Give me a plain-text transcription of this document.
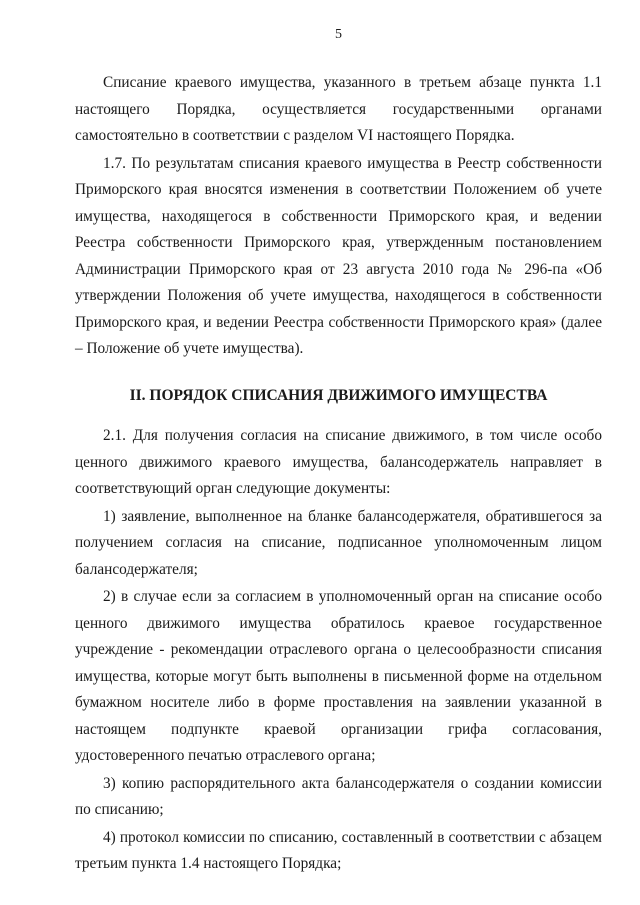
5

Списание краевого имущества, указанного в третьем абзаце пункта 1.1 настоящего Порядка, осуществляется государственными органами самостоятельно в соответствии с разделом VI настоящего Порядка.

1.7. По результатам списания краевого имущества в Реестр собственности Приморского края вносятся изменения в соответствии Положением об учете имущества, находящегося в собственности Приморского края, и ведении Реестра собственности Приморского края, утвержденным постановлением Администрации Приморского края от 23 августа 2010 года № 296-па «Об утверждении Положения об учете имущества, находящегося в собственности Приморского края, и ведении Реестра собственности Приморского края» (далее – Положение об учете имущества).

II. ПОРЯДОК СПИСАНИЯ ДВИЖИМОГО ИМУЩЕСТВА

2.1. Для получения согласия на списание движимого, в том числе особо ценного движимого краевого имущества, балансодержатель направляет в соответствующий орган следующие документы:

1) заявление, выполненное на бланке балансодержателя, обратившегося за получением согласия на списание, подписанное уполномоченным лицом балансодержателя;

2) в случае если за согласием в уполномоченный орган на списание особо ценного движимого имущества обратилось краевое государственное учреждение - рекомендации отраслевого органа о целесообразности списания имущества, которые могут быть выполнены в письменной форме на отдельном бумажном носителе либо в форме проставления на заявлении указанной в настоящем подпункте краевой организации грифа согласования, удостоверенного печатью отраслевого органа;

3) копию распорядительного акта балансодержателя о создании комиссии по списанию;

4) протокол комиссии по списанию, составленный в соответствии с абзацем третьим пункта 1.4 настоящего Порядка;
